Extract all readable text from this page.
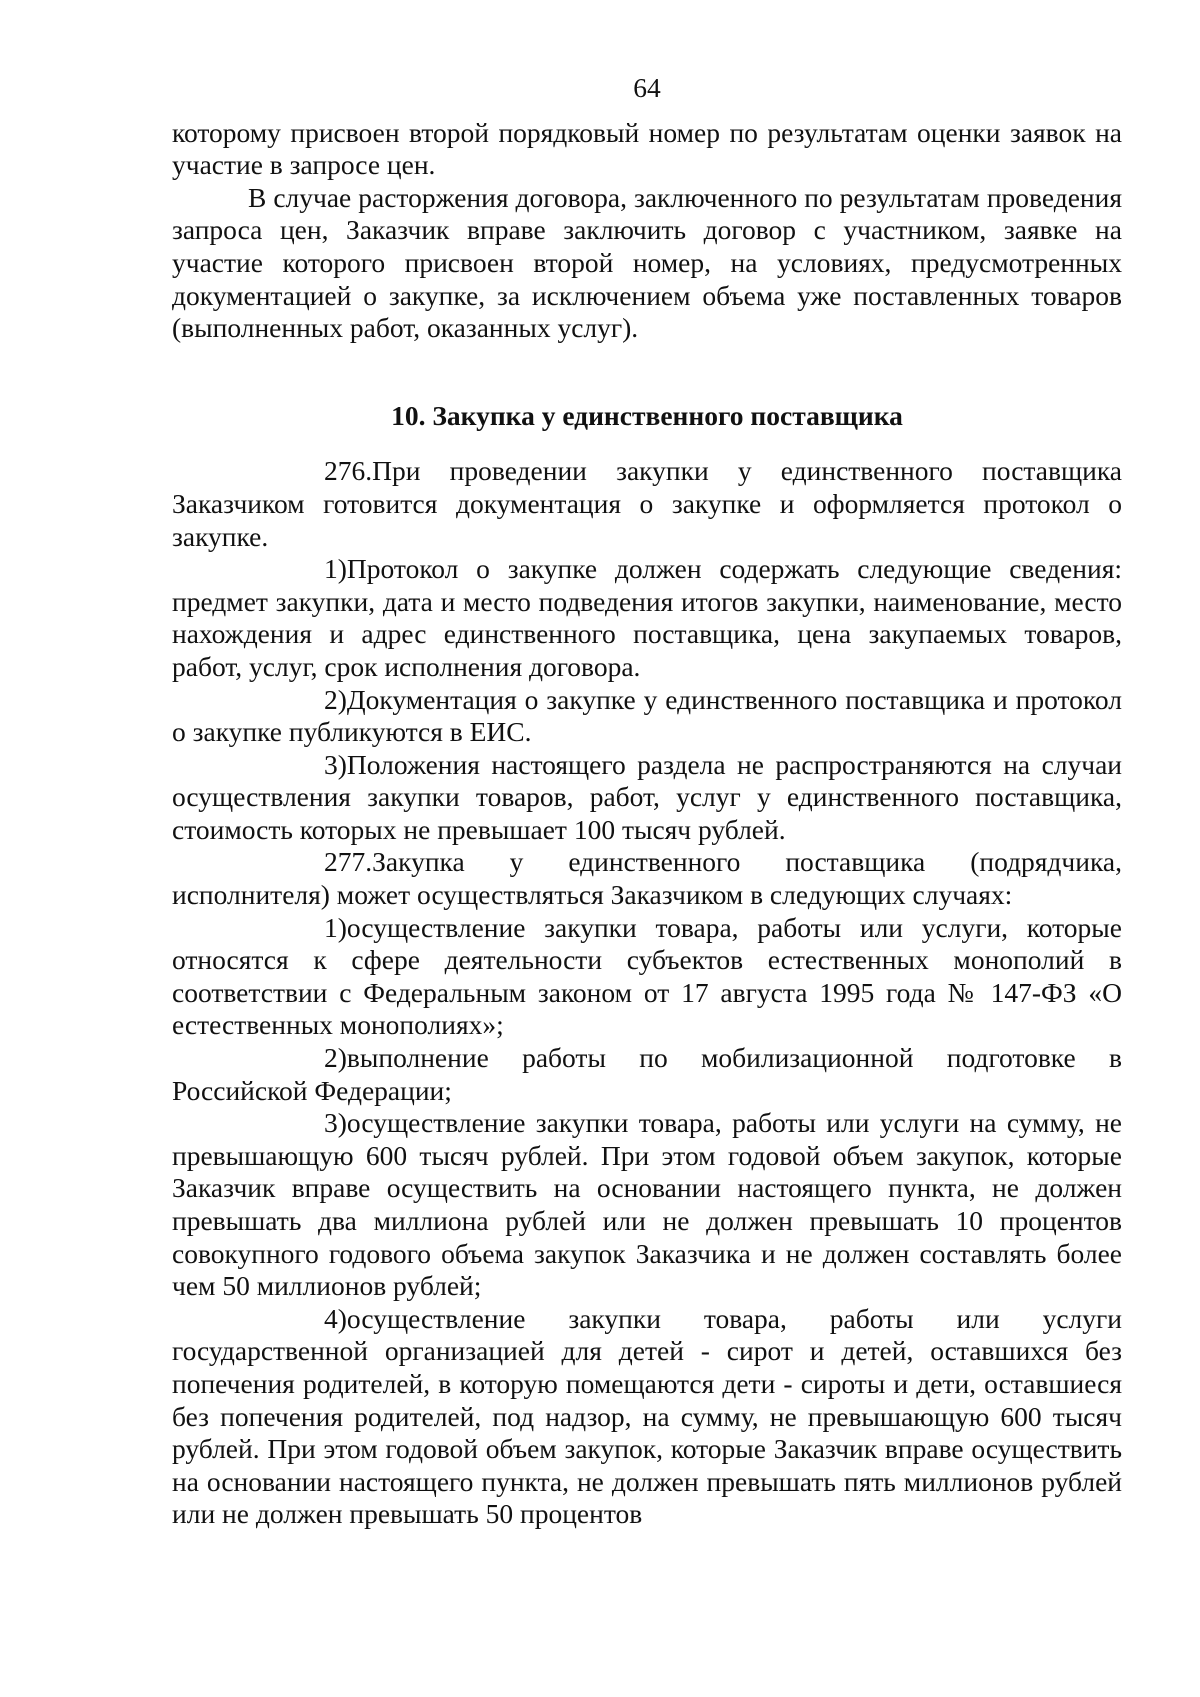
64

которому присвоен второй порядковый номер по результатам оценки заявок на участие в запросе цен.

В случае расторжения договора, заключенного по результатам проведения запроса цен, Заказчик вправе заключить договор с участником, заявке на участие которого присвоен второй номер, на условиях, предусмотренных документацией о закупке, за исключением объема уже поставленных товаров (выполненных работ, оказанных услуг).

10. Закупка у единственного поставщика

276.При проведении закупки у единственного поставщика Заказчиком готовится документация о закупке и оформляется протокол о закупке.

1)Протокол о закупке должен содержать следующие сведения: предмет закупки, дата и место подведения итогов закупки, наименование, место нахождения и адрес единственного поставщика, цена закупаемых товаров, работ, услуг, срок исполнения договора.

2)Документация о закупке у единственного поставщика и протокол о закупке публикуются в ЕИС.

3)Положения настоящего раздела не распространяются на случаи осуществления закупки товаров, работ, услуг у единственного поставщика, стоимость которых не превышает 100 тысяч рублей.

277.Закупка у единственного поставщика (подрядчика, исполнителя) может осуществляться Заказчиком в следующих случаях:

1)осуществление закупки товара, работы или услуги, которые относятся к сфере деятельности субъектов естественных монополий в соответствии с Федеральным законом от 17 августа 1995 года № 147-ФЗ «О естественных монополиях»;

2)выполнение работы по мобилизационной подготовке в Российской Федерации;

3)осуществление закупки товара, работы или услуги на сумму, не превышающую 600 тысяч рублей. При этом годовой объем закупок, которые Заказчик вправе осуществить на основании настоящего пункта, не должен превышать два миллиона рублей или не должен превышать 10 процентов совокупного годового объема закупок Заказчика и не должен составлять более чем 50 миллионов рублей;

4)осуществление закупки товара, работы или услуги государственной организацией для детей - сирот и детей, оставшихся без попечения родителей, в которую помещаются дети - сироты и дети, оставшиеся без попечения родителей, под надзор, на сумму, не превышающую 600 тысяч рублей. При этом годовой объем закупок, которые Заказчик вправе осуществить на основании настоящего пункта, не должен превышать пять миллионов рублей или не должен превышать 50 процентов
